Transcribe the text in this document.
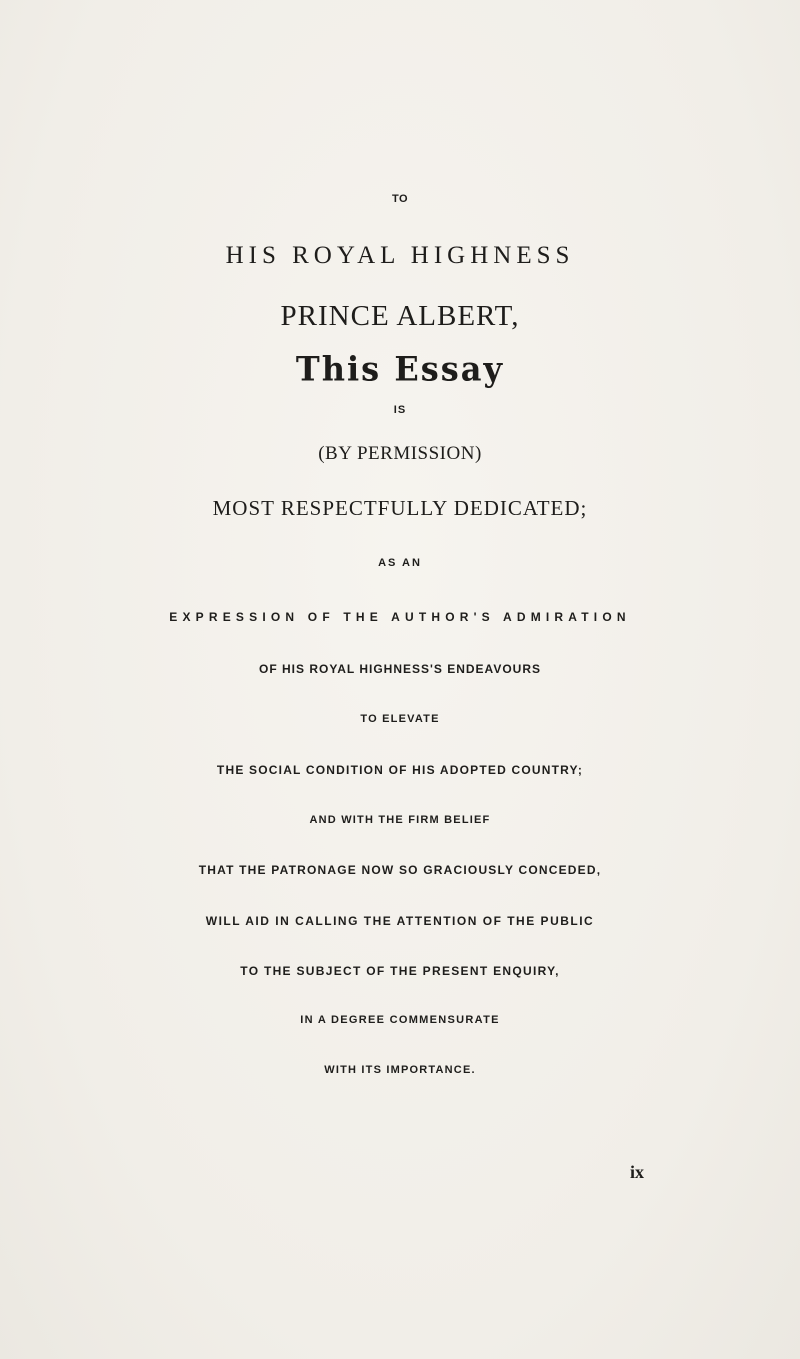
TO
HIS ROYAL HIGHNESS
PRINCE ALBERT,
This Essay
IS
(BY PERMISSION)
MOST RESPECTFULLY DEDICATED;
AS AN
EXPRESSION OF THE AUTHOR'S ADMIRATION
OF HIS ROYAL HIGHNESS'S ENDEAVOURS
TO ELEVATE
THE SOCIAL CONDITION OF HIS ADOPTED COUNTRY;
AND WITH THE FIRM BELIEF
THAT THE PATRONAGE NOW SO GRACIOUSLY CONCEDED,
WILL AID IN CALLING THE ATTENTION OF THE PUBLIC
TO THE SUBJECT OF THE PRESENT ENQUIRY,
IN A DEGREE COMMENSURATE
WITH ITS IMPORTANCE.
ix
